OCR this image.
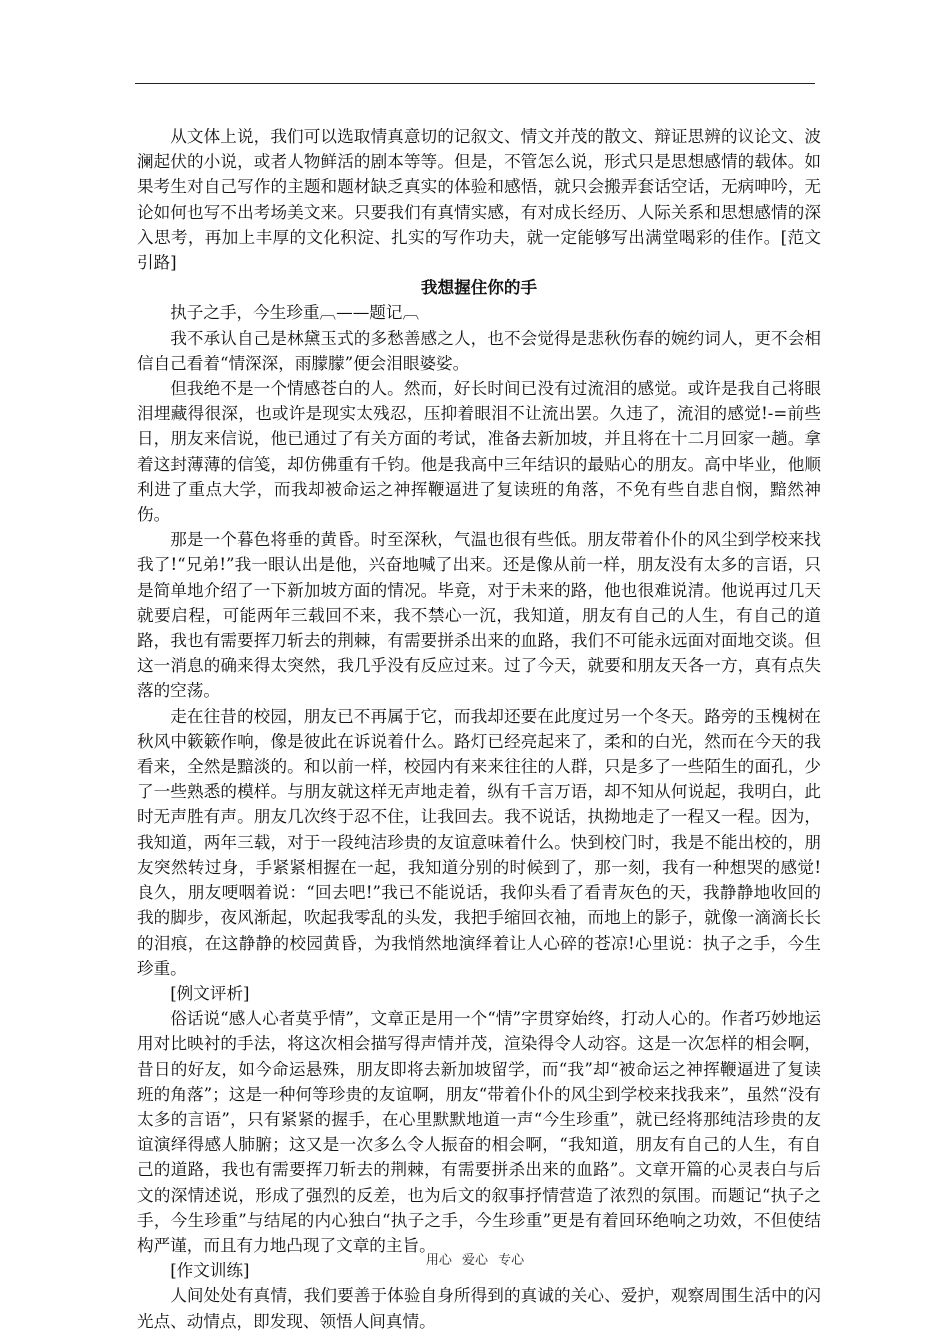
从文体上说，我们可以选取情真意切的记叙文、情文并茂的散文、辩证思辨的议论文、波澜起伏的小说，或者人物鲜活的剧本等等。但是，不管怎么说，形式只是思想感情的载体。如果考生对自己写作的主题和题材缺乏真实的体验和感悟，就只会搬弄套话空话，无病呻吟，无论如何也写不出考场美文来。只要我们有真情实感，有对成长经历、人际关系和思想感情的深入思考，再加上丰厚的文化积淀、扎实的写作功夫，就一定能够写出满堂喝彩的佳作。[范文引路]

我想握住你的手

执子之手，今生珍重︹——题记︹

我不承认自己是林黛玉式的多愁善感之人，也不会觉得是悲秋伤春的婉约词人，更不会相信自己看着“情深深，雨朦朦”便会泪眼婆娑。

但我绝不是一个情感苍白的人。然而，好长时间已没有过流泪的感觉。或许是我自己将眼泪埋藏得很深，也或许是现实太残忍，压抑着眼泪不让流出罢。久违了，流泪的感觉!-=前些日，朋友来信说，他已通过了有关方面的考试，准备去新加坡，并且将在十二月回家一趟。拿着这封薄薄的信笺，却仿佛重有千钧。他是我高中三年结识的最贴心的朋友。高中毕业，他顺利进了重点大学，而我却被命运之神挥鞭逼进了复读班的角落，不免有些自悲自悯，黯然神伤。

那是一个暮色将垂的黄昏。时至深秋，气温也很有些低。朋友带着仆仆的风尘到学校来找我了!“兄弟!”我一眼认出是他，兴奋地喊了出来。还是像从前一样，朋友没有太多的言语，只是简单地介绍了一下新加坡方面的情况。毕竟，对于未来的路，他也很难说清。他说再过几天就要启程，可能两年三载回不来，我不禁心一沉，我知道，朋友有自己的人生，有自己的道路，我也有需要挥刀斩去的荆棘，有需要拼杀出来的血路，我们不可能永远面对面地交谈。但这一消息的确来得太突然，我几乎没有反应过来。过了今天，就要和朋友天各一方，真有点失落的空荡。

走在往昔的校园，朋友已不再属于它，而我却还要在此度过另一个冬天。路旁的玉槐树在秋风中簌簌作响，像是彼此在诉说着什么。路灯已经亮起来了，柔和的白光，然而在今天的我看来，全然是黯淡的。和以前一样，校园内有来来往往的人群，只是多了一些陌生的面孔，少了一些熟悉的模样。与朋友就这样无声地走着，纵有千言万语，却不知从何说起，我明白，此时无声胜有声。朋友几次终于忍不住，让我回去。我不说话，执拗地走了一程又一程。因为，我知道，两年三载，对于一段纯洁珍贵的友谊意味着什么。快到校门时，我是不能出校的，朋友突然转过身，手紧紧相握在一起，我知道分别的时候到了，那一刻，我有一种想哭的感觉!良久，朋友哽咽着说：“回去吧!”我已不能说话，我仰头看了看青灰色的天，我静静地收回的我的脚步，夜风渐起，吹起我零乱的头发，我把手缩回衣袖，而地上的影子，就像一滴滴长长的泪痕，在这静静的校园黄昏，为我悄然地演绎着让人心碎的苍凉!心里说：执子之手，今生珍重。

[例文评析]

俗话说“感人心者莫乎情”，文章正是用一个“情”字贯穿始终，打动人心的。作者巧妙地运用对比映衬的手法，将这次相会描写得声情并茂，渲染得令人动容。这是一次怎样的相会啊，昔日的好友，如今命运悬殊，朋友即将去新加坡留学，而“我”却“被命运之神挥鞭逼进了复读班的角落”；这是一种何等珍贵的友谊啊，朋友“带着仆仆的风尘到学校来找我来”，虽然“没有太多的言语”，只有紧紧的握手，在心里默默地道一声“今生珍重”，就已经将那纯洁珍贵的友谊演绎得感人肺腑；这又是一次多么令人振奋的相会啊，“我知道，朋友有自己的人生，有自己的道路，我也有需要挥刀斩去的荆棘，有需要拼杀出来的血路”。文章开篇的心灵表白与后文的深情述说，形成了强烈的反差，也为后文的叙事抒情营造了浓烈的氛围。而题记“执子之手，今生珍重”与结尾的内心独白“执子之手，今生珍重”更是有着回环绝响之功效，不但使结构严谨，而且有力地凸现了文章的主旨。

[作文训练]

人间处处有真情，我们要善于体验自身所得到的真诚的关心、爱护，观察周围生活中的闪光点、动情点，即发现、领悟人间真情。

用心 爱心 专心
